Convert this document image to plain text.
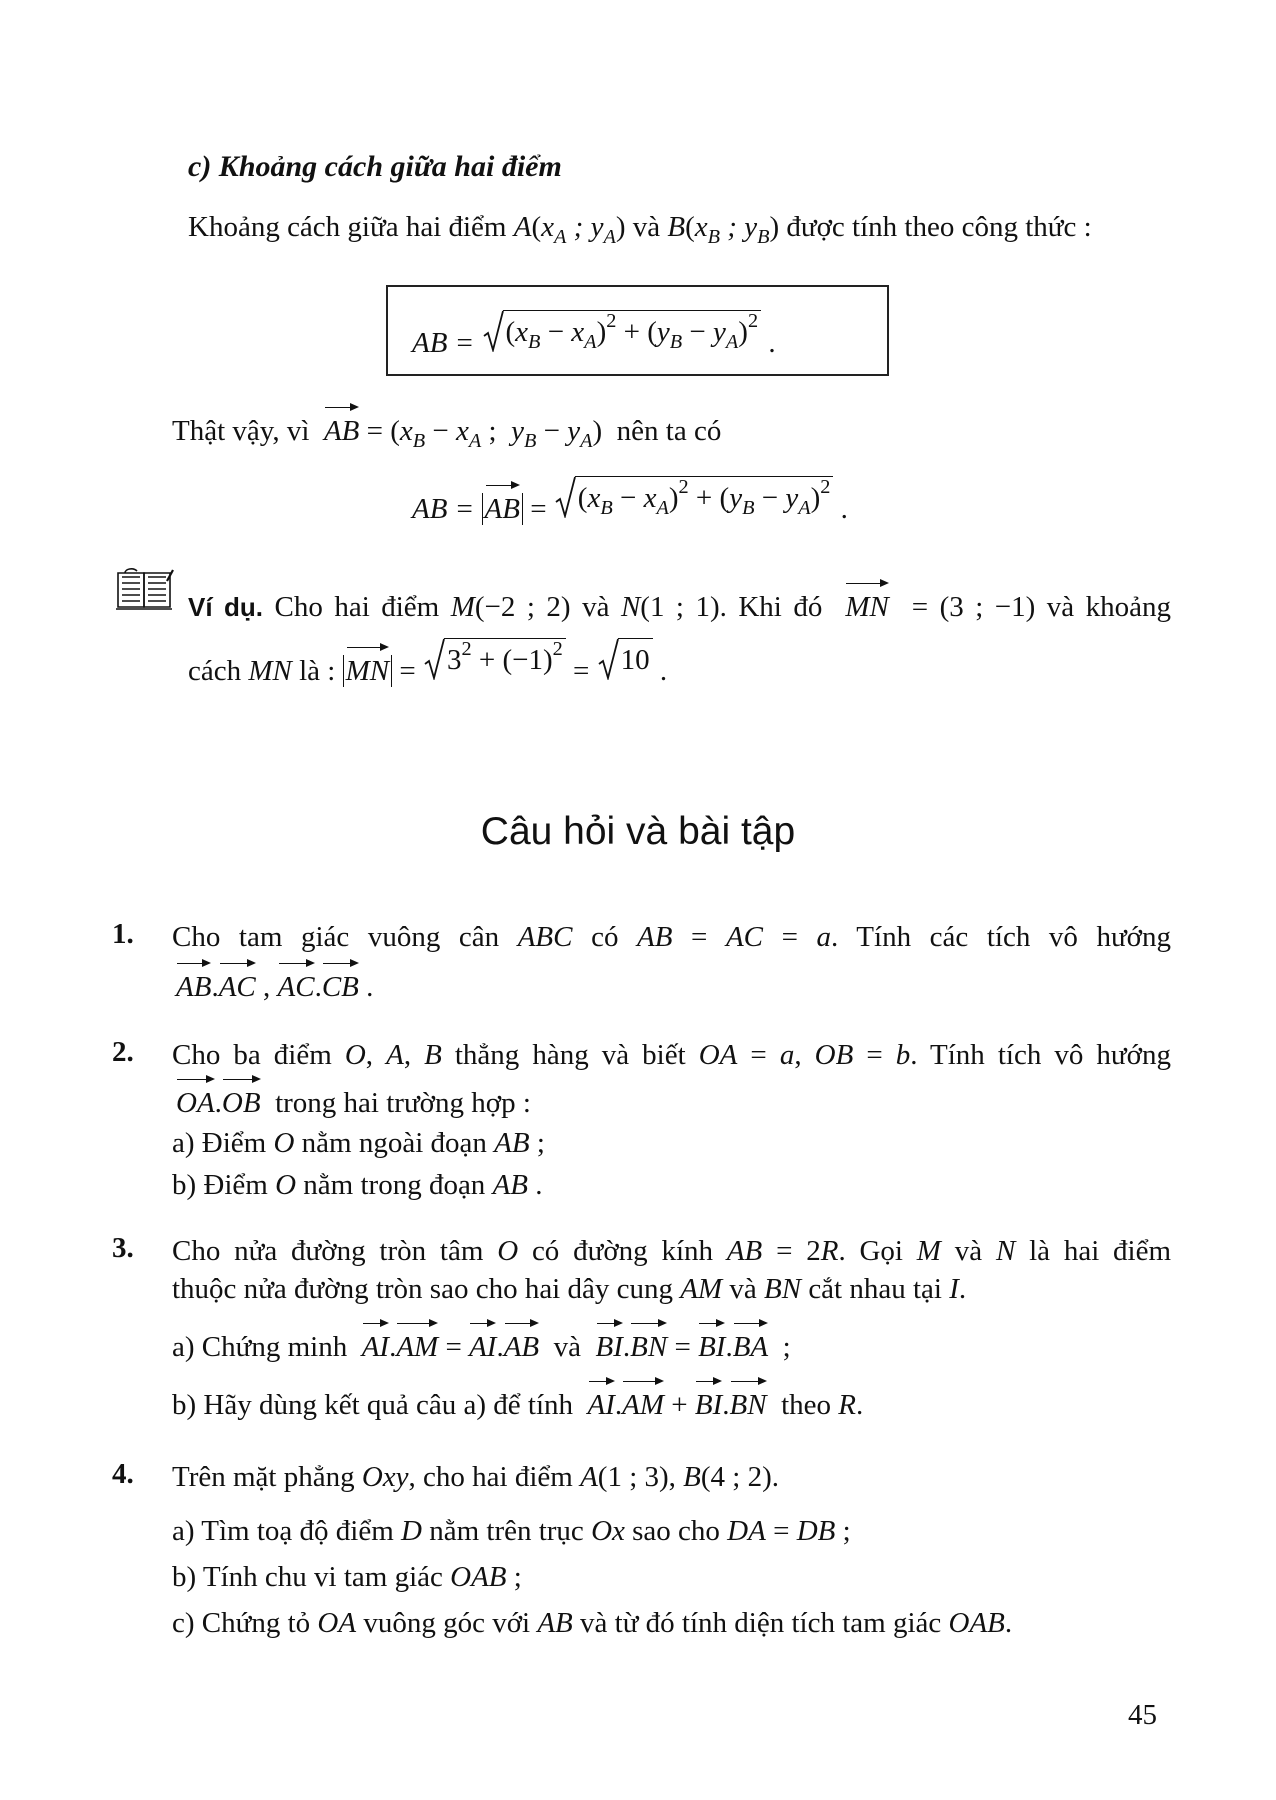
c) Khoảng cách giữa hai điểm
Khoảng cách giữa hai điểm $A(x_A$ ; $y_A$) và $B(x_B$ ; $y_B$) được tính theo công thức :
AB = $(x_B - x_A)^2 + (y_B - y_A)^2$
.
Thật vậy, vì AB = ($x_B - x_A$ ;  $y_B - y_A$)  nên ta có
AB = AB = $(x_B - x_A)^2 + (y_B - y_A)^2$
.
Ví dụ. Cho hai điểm M(−2 ; 2) và N(1 ; 1). Khi đó MN = (3 ; −1) và khoảng
cách MN là : MN = $3^2 + (-1)^2$
= 10 .
Câu hỏi và bài tập
1. Cho tam giác vuông cân ABC có AB = AC = a. Tính các tích vô hướng
AB.AC , AC.CB .
2. Cho ba điểm O, A, B thẳng hàng và biết OA = a, OB = b. Tính tích vô hướng
OA.OB  trong hai trường hợp :
a) Điểm O nằm ngoài đoạn AB ;
b) Điểm O nằm trong đoạn AB .
3. Cho nửa đường tròn tâm O có đường kính AB = 2R. Gọi M và N là hai điểm
thuộc nửa đường tròn sao cho hai dây cung AM và BN cắt nhau tại I.
a) Chứng minh  AI.AM = AI.AB  và  BI.BN = BI.BA  ;
b) Hãy dùng kết quả câu a) để tính  AI.AM + BI.BN  theo R.
4. Trên mặt phẳng Oxy, cho hai điểm A(1 ; 3), B(4 ; 2).
a) Tìm toạ độ điểm D nằm trên trục Ox sao cho DA = DB ;
b) Tính chu vi tam giác OAB ;
c) Chứng tỏ OA vuông góc với AB và từ đó tính diện tích tam giác OAB.
45
